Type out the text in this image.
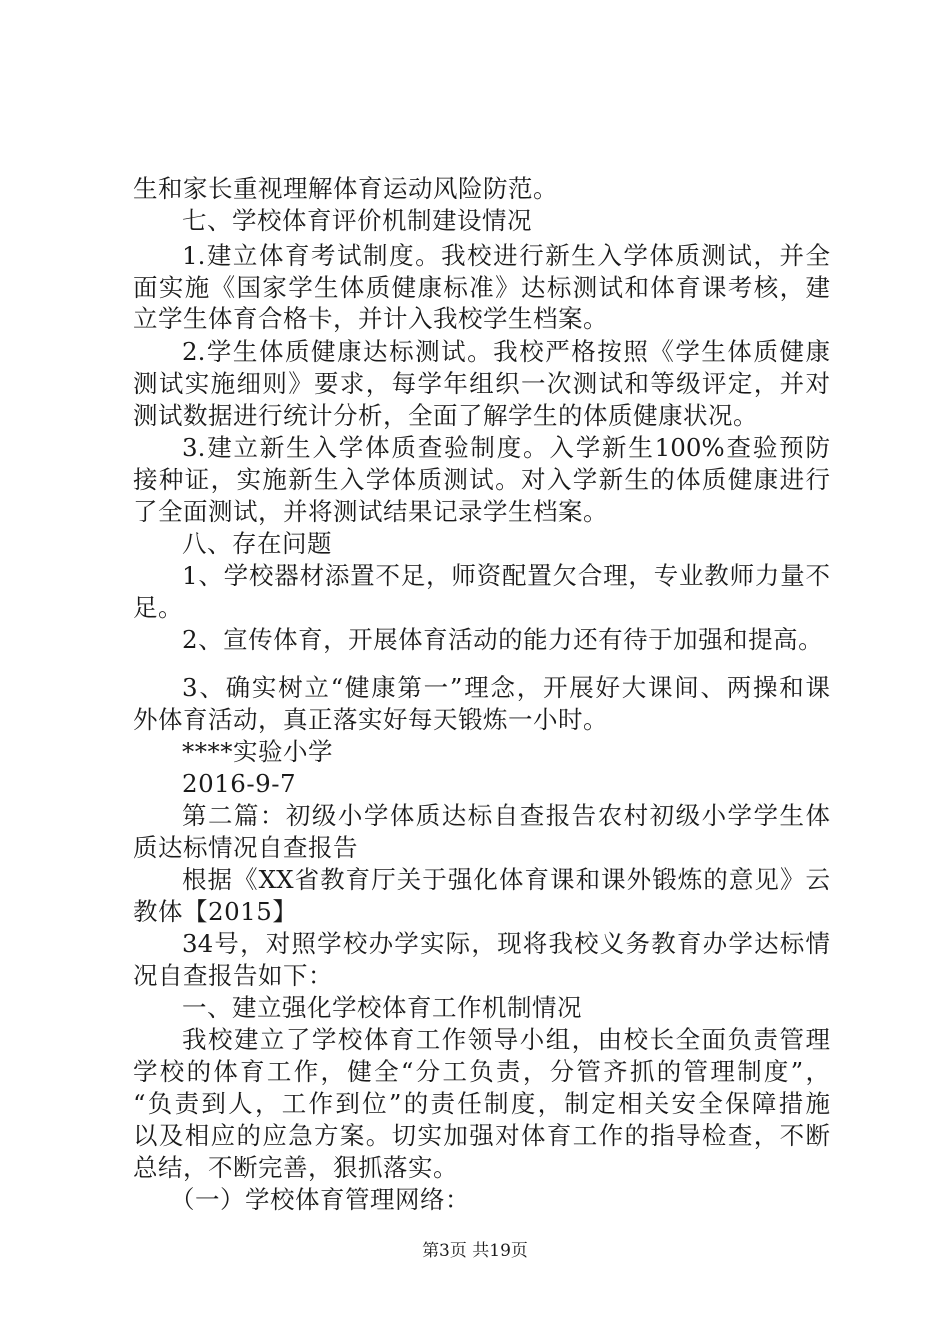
生和家长重视理解体育运动风险防范。
七、学校体育评价机制建设情况
1.建立体育考试制度。我校进行新生入学体质测试，并全
面实施《国家学生体质健康标准》达标测试和体育课考核，建
立学生体育合格卡，并计入我校学生档案。
2.学生体质健康达标测试。我校严格按照《学生体质健康
测试实施细则》要求，每学年组织一次测试和等级评定，并对
测试数据进行统计分析，全面了解学生的体质健康状况。
3.建立新生入学体质查验制度。入学新生100%查验预防
接种证，实施新生入学体质测试。对入学新生的体质健康进行
了全面测试，并将测试结果记录学生档案。
八、存在问题
1、学校器材添置不足，师资配置欠合理，专业教师力量不
足。
2、宣传体育，开展体育活动的能力还有待于加强和提高。
3、确实树立“健康第一”理念，开展好大课间、两操和课
外体育活动，真正落实好每天锻炼一小时。
****实验小学
2016-9-7
第二篇：初级小学体质达标自查报告农村初级小学学生体
质达标情况自查报告
根据《XX省教育厅关于强化体育课和课外锻炼的意见》云
教体【2015】
34号，对照学校办学实际，现将我校义务教育办学达标情
况自查报告如下：
一、建立强化学校体育工作机制情况
我校建立了学校体育工作领导小组，由校长全面负责管理
学校的体育工作，健全“分工负责，分管齐抓的管理制度”，
“负责到人，工作到位”的责任制度，制定相关安全保障措施
以及相应的应急方案。切实加强对体育工作的指导检查，不断
总结，不断完善，狠抓落实。
（一）学校体育管理网络：
第3页 共19页
